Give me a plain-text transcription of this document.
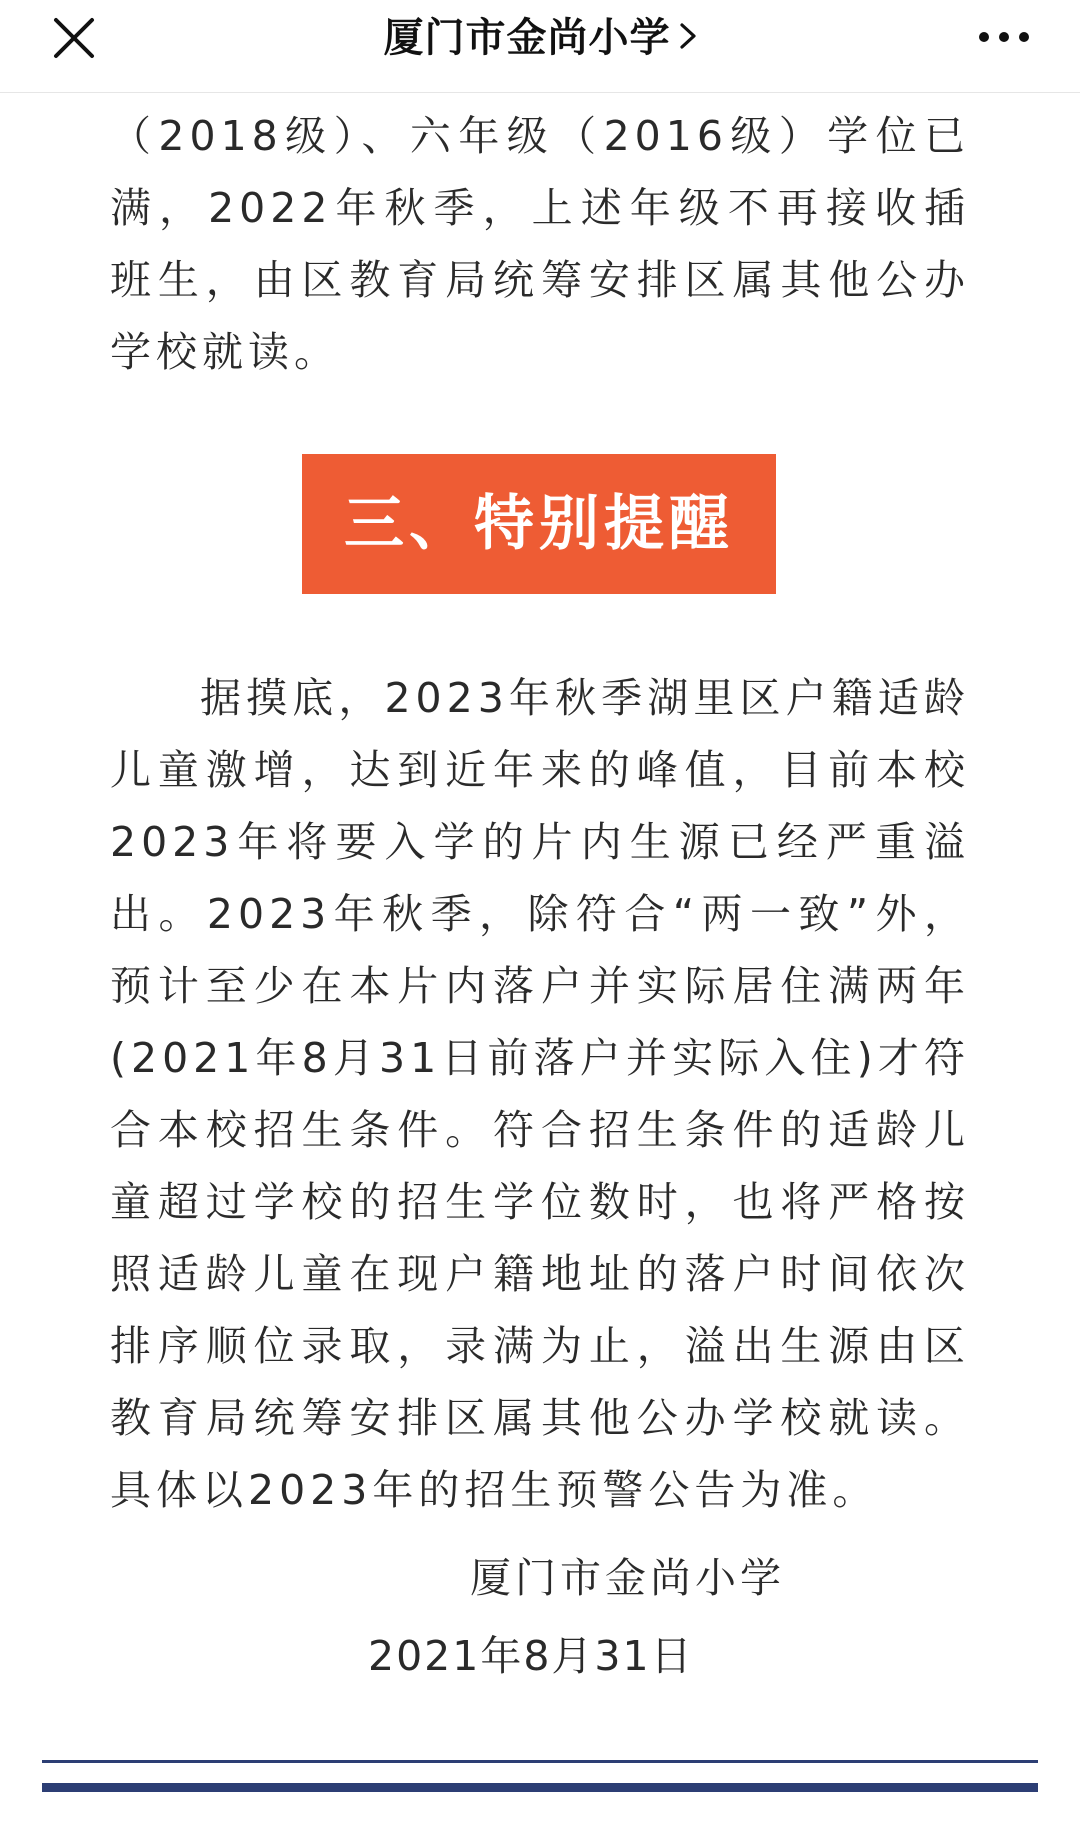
厦门市金尚小学

（2018级）、六年级（2016级）学位已满，2022年秋季，上述年级不再接收插班生，由区教育局统筹安排区属其他公办学校就读。

三、特别提醒

据摸底，2023年秋季湖里区户籍适龄儿童激增，达到近年来的峰值，目前本校2023年将要入学的片内生源已经严重溢出。2023年秋季，除符合“两一致”外，预计至少在本片内落户并实际居住满两年(2021年8月31日前落户并实际入住)才符合本校招生条件。符合招生条件的适龄儿童超过学校的招生学位数时，也将严格按照适龄儿童在现户籍地址的落户时间依次排序顺位录取，录满为止，溢出生源由区教育局统筹安排区属其他公办学校就读。具体以2023年的招生预警公告为准。

厦门市金尚小学
2021年8月31日
